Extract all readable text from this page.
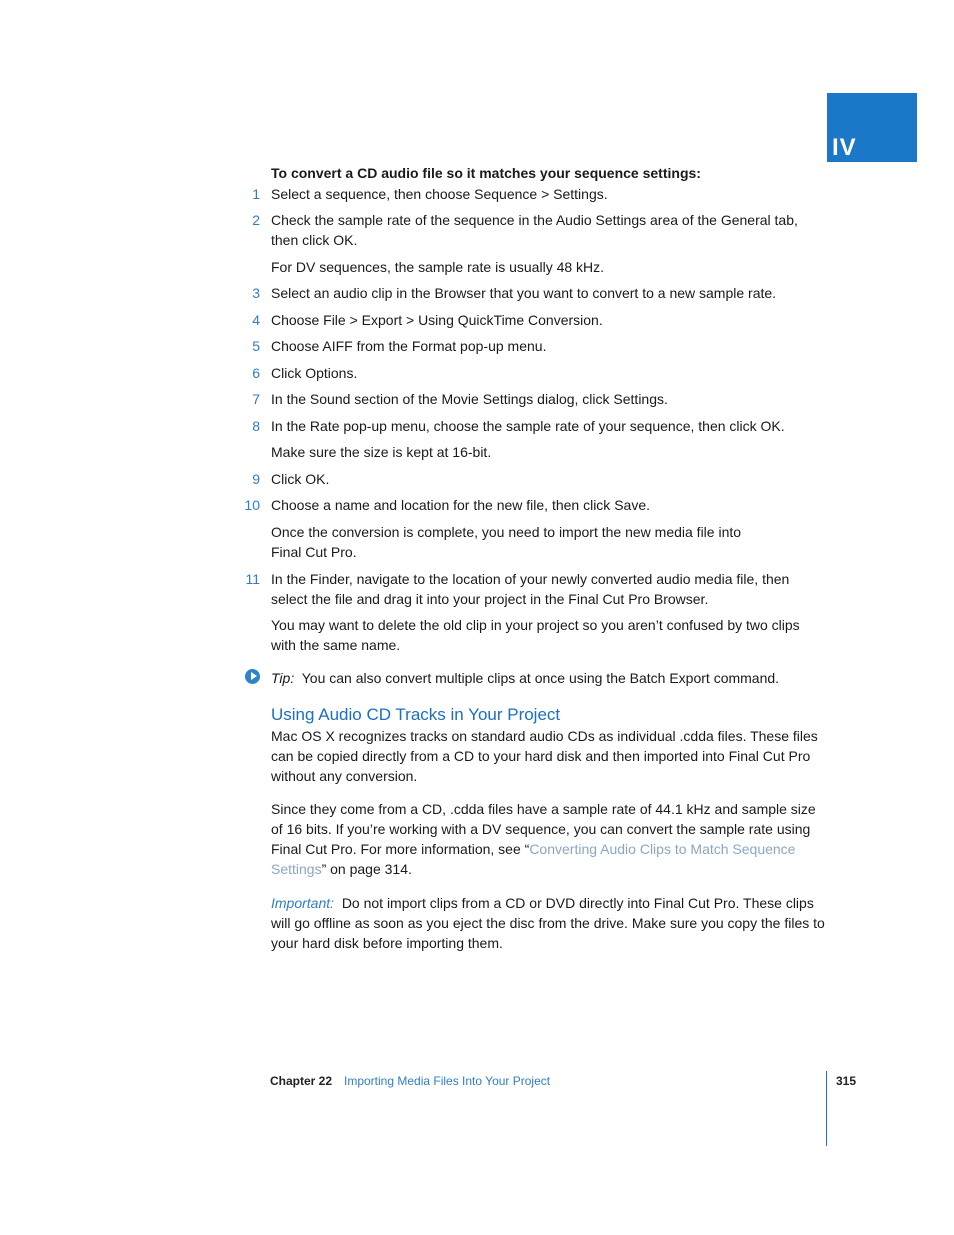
IV
To convert a CD audio file so it matches your sequence settings:
1 Select a sequence, then choose Sequence > Settings.
2 Check the sample rate of the sequence in the Audio Settings area of the General tab, then click OK.
For DV sequences, the sample rate is usually 48 kHz.
3 Select an audio clip in the Browser that you want to convert to a new sample rate.
4 Choose File > Export > Using QuickTime Conversion.
5 Choose AIFF from the Format pop-up menu.
6 Click Options.
7 In the Sound section of the Movie Settings dialog, click Settings.
8 In the Rate pop-up menu, choose the sample rate of your sequence, then click OK.
Make sure the size is kept at 16-bit.
9 Click OK.
10 Choose a name and location for the new file, then click Save.
Once the conversion is complete, you need to import the new media file into Final Cut Pro.
11 In the Finder, navigate to the location of your newly converted audio media file, then select the file and drag it into your project in the Final Cut Pro Browser.
You may want to delete the old clip in your project so you aren’t confused by two clips with the same name.
Tip: You can also convert multiple clips at once using the Batch Export command.
Using Audio CD Tracks in Your Project
Mac OS X recognizes tracks on standard audio CDs as individual .cdda files. These files can be copied directly from a CD to your hard disk and then imported into Final Cut Pro without any conversion.
Since they come from a CD, .cdda files have a sample rate of 44.1 kHz and sample size of 16 bits. If you’re working with a DV sequence, you can convert the sample rate using Final Cut Pro. For more information, see “Converting Audio Clips to Match Sequence Settings” on page 314.
Important: Do not import clips from a CD or DVD directly into Final Cut Pro. These clips will go offline as soon as you eject the disc from the drive. Make sure you copy the files to your hard disk before importing them.
Chapter 22 Importing Media Files Into Your Project	315
